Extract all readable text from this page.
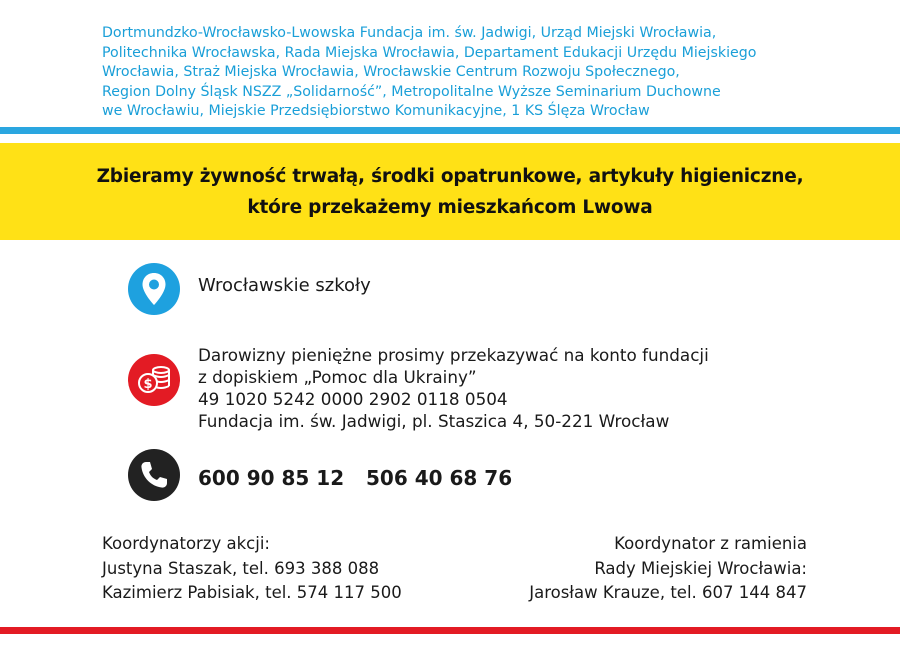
Dortmundzko-Wrocławsko-Lwowska Fundacja im. św. Jadwigi, Urząd Miejski Wrocławia,
Politechnika Wrocławska, Rada Miejska Wrocławia, Departament Edukacji Urzędu Miejskiego
Wrocławia, Straż Miejska Wrocławia, Wrocławskie Centrum Rozwoju Społecznego,
Region Dolny Śląsk NSZZ „Solidarność”, Metropolitalne Wyższe Seminarium Duchowne
we Wrocławiu, Miejskie Przedsiębiorstwo Komunikacyjne, 1 KS Ślęza Wrocław
Zbieramy żywność trwałą, środki opatrunkowe, artykuły higieniczne,
które przekażemy mieszkańcom Lwowa
Wrocławskie szkoły
$
Darowizny pieniężne prosimy przekazywać na konto fundacji
z dopiskiem „Pomoc dla Ukrainy”
49 1020 5242 0000 2902 0118 0504
Fundacja im. św. Jadwigi, pl. Staszica 4, 50-221 Wrocław
600 90 85 12 506 40 68 76
Koordynatorzy akcji:
Justyna Staszak, tel. 693 388 088
Kazimierz Pabisiak, tel. 574 117 500
Koordynator z ramienia
Rady Miejskiej Wrocławia:
Jarosław Krauze, tel. 607 144 847
